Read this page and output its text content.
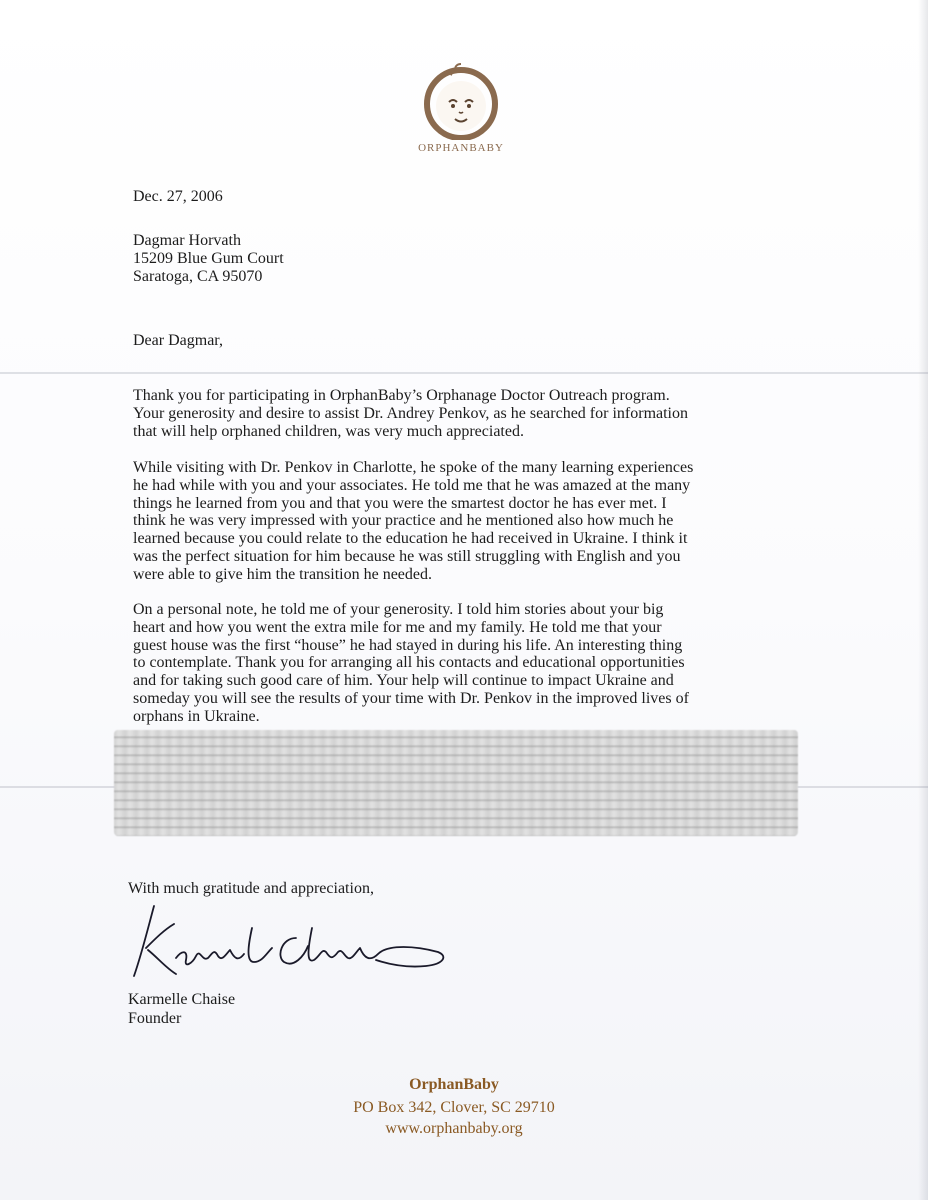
ORPHANBABY
Dec. 27, 2006
Dagmar Horvath
15209 Blue Gum Court
Saratoga, CA 95070
Dear Dagmar,
Thank you for participating in OrphanBaby’s Orphanage Doctor Outreach program.
Your generosity and desire to assist Dr. Andrey Penkov, as he searched for information
that will help orphaned children, was very much appreciated.
While visiting with Dr. Penkov in Charlotte, he spoke of the many learning experiences
he had while with you and your associates. He told me that he was amazed at the many
things he learned from you and that you were the smartest doctor he has ever met. I
think he was very impressed with your practice and he mentioned also how much he
learned because you could relate to the education he had received in Ukraine. I think it
was the perfect situation for him because he was still struggling with English and you
were able to give him the transition he needed.
On a personal note, he told me of your generosity. I told him stories about your big
heart and how you went the extra mile for me and my family. He told me that your
guest house was the first “house” he had stayed in during his life. An interesting thing
to contemplate. Thank you for arranging all his contacts and educational opportunities
and for taking such good care of him. Your help will continue to impact Ukraine and
someday you will see the results of your time with Dr. Penkov in the improved lives of
orphans in Ukraine.
With much gratitude and appreciation,
Karmelle Chaise
Founder
OrphanBaby
PO Box 342, Clover, SC 29710
www.orphanbaby.org
